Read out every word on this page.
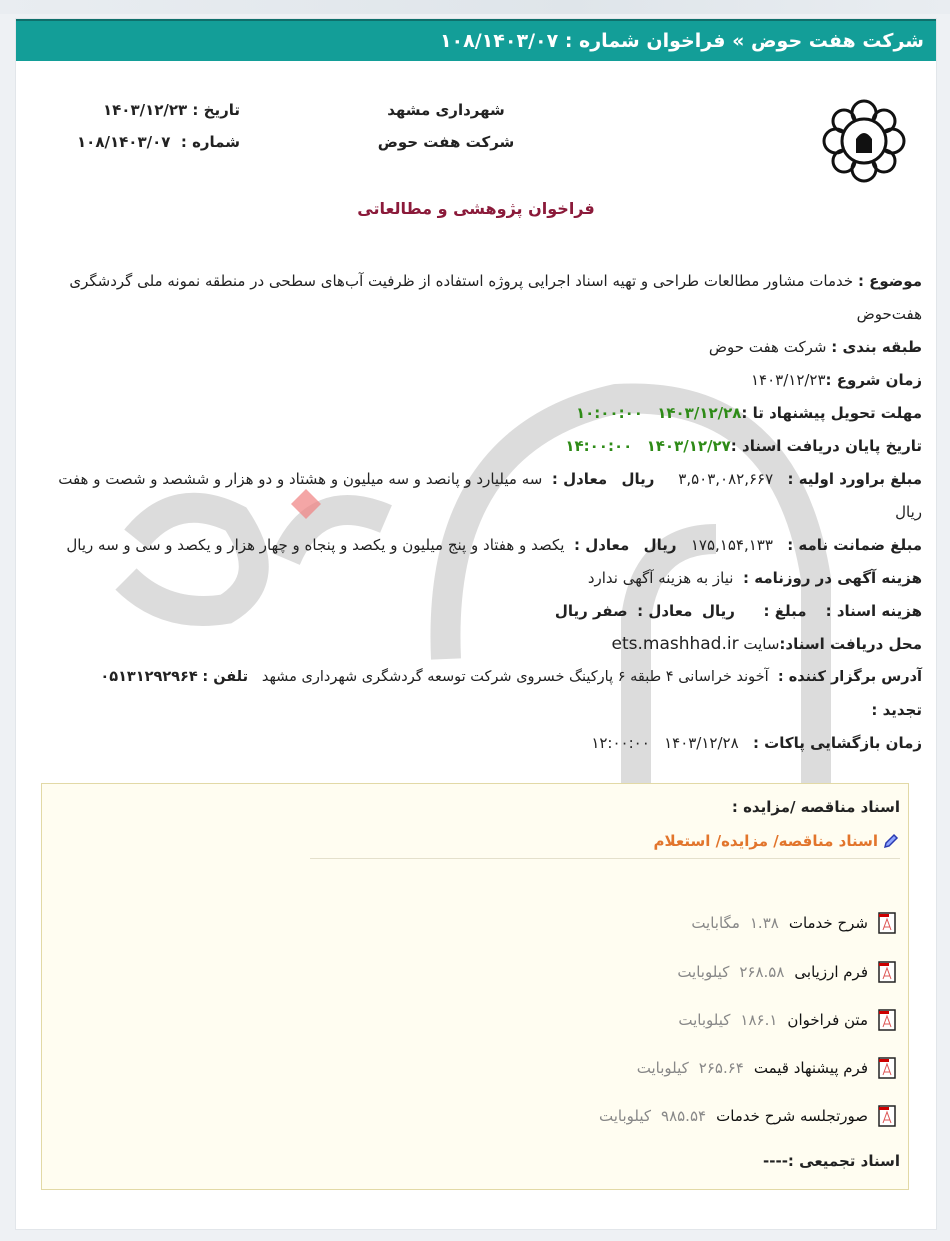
شرکت هفت حوض » فراخوان شماره : ۱۰۸/۱۴۰۳/۰۷
شهرداری مشهد
شرکت هفت حوض
تاریخ : ۱۴۰۳/۱۲/۲۳
شماره :  ۱۰۸/۱۴۰۳/۰۷
فراخوان پژوهشی و مطالعاتی
موضوع : خدمات مشاور مطالعات طراحی و تهیه اسناد اجرایی پروژه استفاده از ظرفیت آب‌های سطحی در منطقه نمونه ملی گردشگری هفت‌حوض
طبقه بندی : شرکت هفت حوض
زمان شروع :۱۴۰۳/۱۲/۲۳
مهلت تحویل پیشنهاد تا :۱۴۰۳/۱۲/۲۸   ۱۰:۰۰:۰۰
تاریخ پایان دریافت اسناد :۱۴۰۳/۱۲/۲۷   ۱۴:۰۰:۰۰
مبلغ براورد اولیه :   ۳,۵۰۳,۰۸۲,۶۶۷     ریال   معادل :  سه میلیارد و پانصد و سه میلیون و هشتاد و دو هزار و ششصد و شصت و هفت ریال
مبلغ ضمانت نامه :   ۱۷۵,۱۵۴,۱۳۳   ریال   معادل :  یکصد و هفتاد و پنج میلیون و یکصد و پنجاه و چهار هزار و یکصد و سی و سه ریال
هزینه آگهی در روزنامه :  نیاز به هزینه آگهی ندارد
هزینه اسناد :    مبلغ :      ریال  معادل :  صفر ریال
محل دریافت اسناد:سایت ets.mashhad.ir
آدرس برگزار کننده :  آخوند خراسانی ۴ طبقه ۶ پارکینگ خسروی شرکت توسعه گردشگری شهرداری مشهد   تلفن : ۰۵۱۳۱۲۹۲۹۶۴
تجدید :
زمان بازگشایی پاکات :   ۱۴۰۳/۱۲/۲۸   ۱۲:۰۰:۰۰
اسناد مناقصه /مزایده :
اسناد مناقصه/ مزایده/ استعلام
شرح خدمات
۱.۳۸
مگابایت
فرم ارزیابی
۲۶۸.۵۸
کیلوبایت
متن فراخوان
۱۸۶.۱
کیلوبایت
فرم پیشنهاد قیمت
۲۶۵.۶۴
کیلوبایت
صورتجلسه شرح خدمات
۹۸۵.۵۴
کیلوبایت
اسناد تجمیعی :----
